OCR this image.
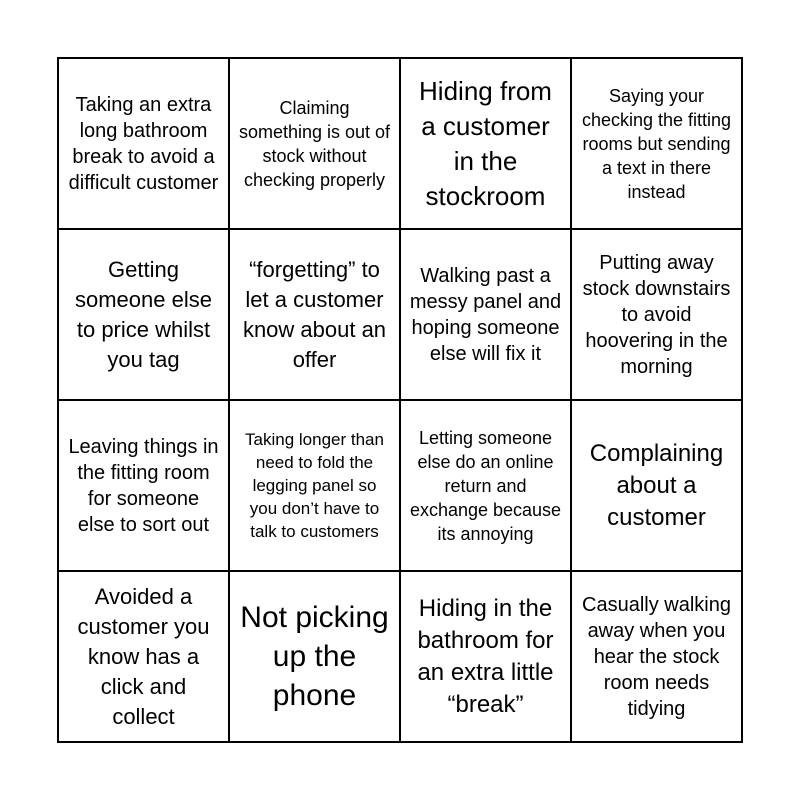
Taking an extra long bathroom break to avoid a difficult customer
Claiming something is out of stock without checking properly
Hiding from a customer in the stockroom
Saying your checking the fitting rooms but sending a text in there instead
Getting someone else to price whilst you tag
“forgetting” to let a customer know about an offer
Walking past a messy panel and hoping someone else will fix it
Putting away stock downstairs to avoid hoovering in the morning
Leaving things in the fitting room for someone else to sort out
Taking longer than need to fold the legging panel so you don’t have to talk to customers
Letting someone else do an online return and exchange because its annoying
Complaining about a customer
Avoided a customer you know has a click and collect
Not picking up the phone
Hiding in the bathroom for an extra little “break”
Casually walking away when you hear the stock room needs tidying
